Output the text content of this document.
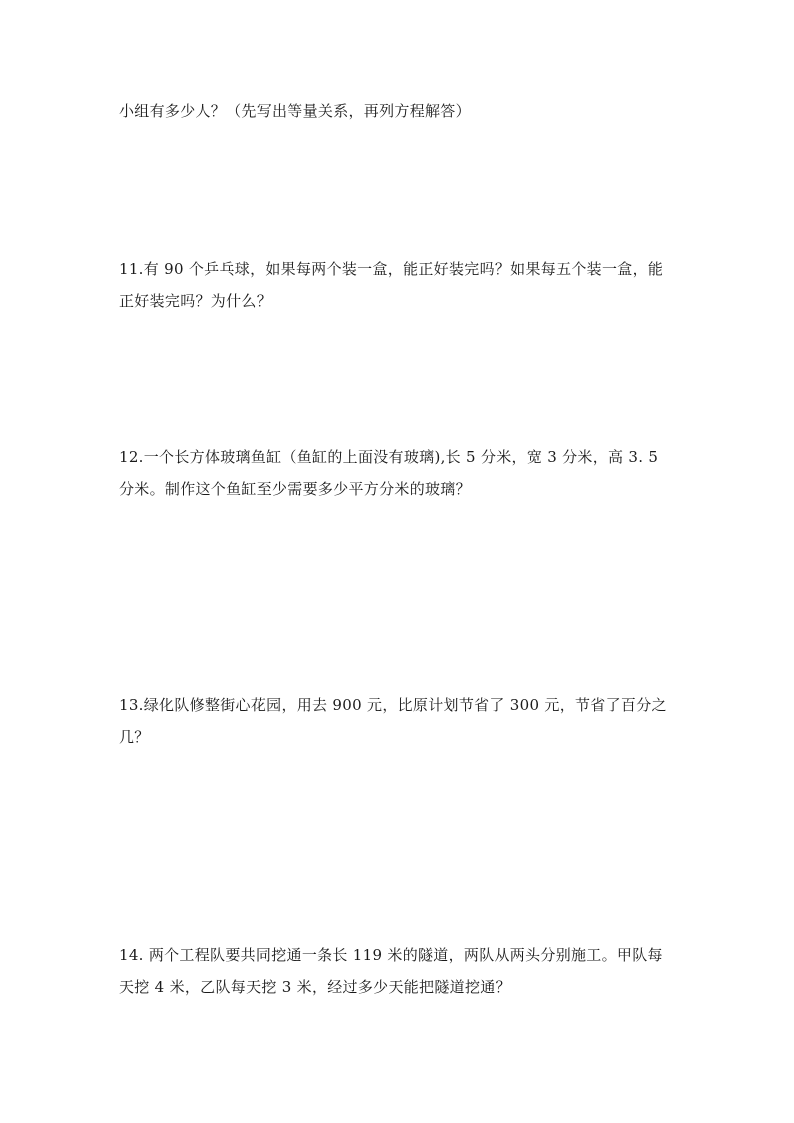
小组有多少人？（先写出等量关系，再列方程解答）
11.有 90 个乒乓球，如果每两个装一盒，能正好装完吗？如果每五个装一盒，能
正好装完吗？为什么？
12.一个长方体玻璃鱼缸（鱼缸的上面没有玻璃),长 5 分米，宽 3 分米，高 3. 5
分米。制作这个鱼缸至少需要多少平方分米的玻璃？
13.绿化队修整街心花园，用去 900 元，比原计划节省了 300 元，节省了百分之
几？
14. 两个工程队要共同挖通一条长 119 米的隧道，两队从两头分别施工。甲队每
天挖 4 米，乙队每天挖 3 米，经过多少天能把隧道挖通？
